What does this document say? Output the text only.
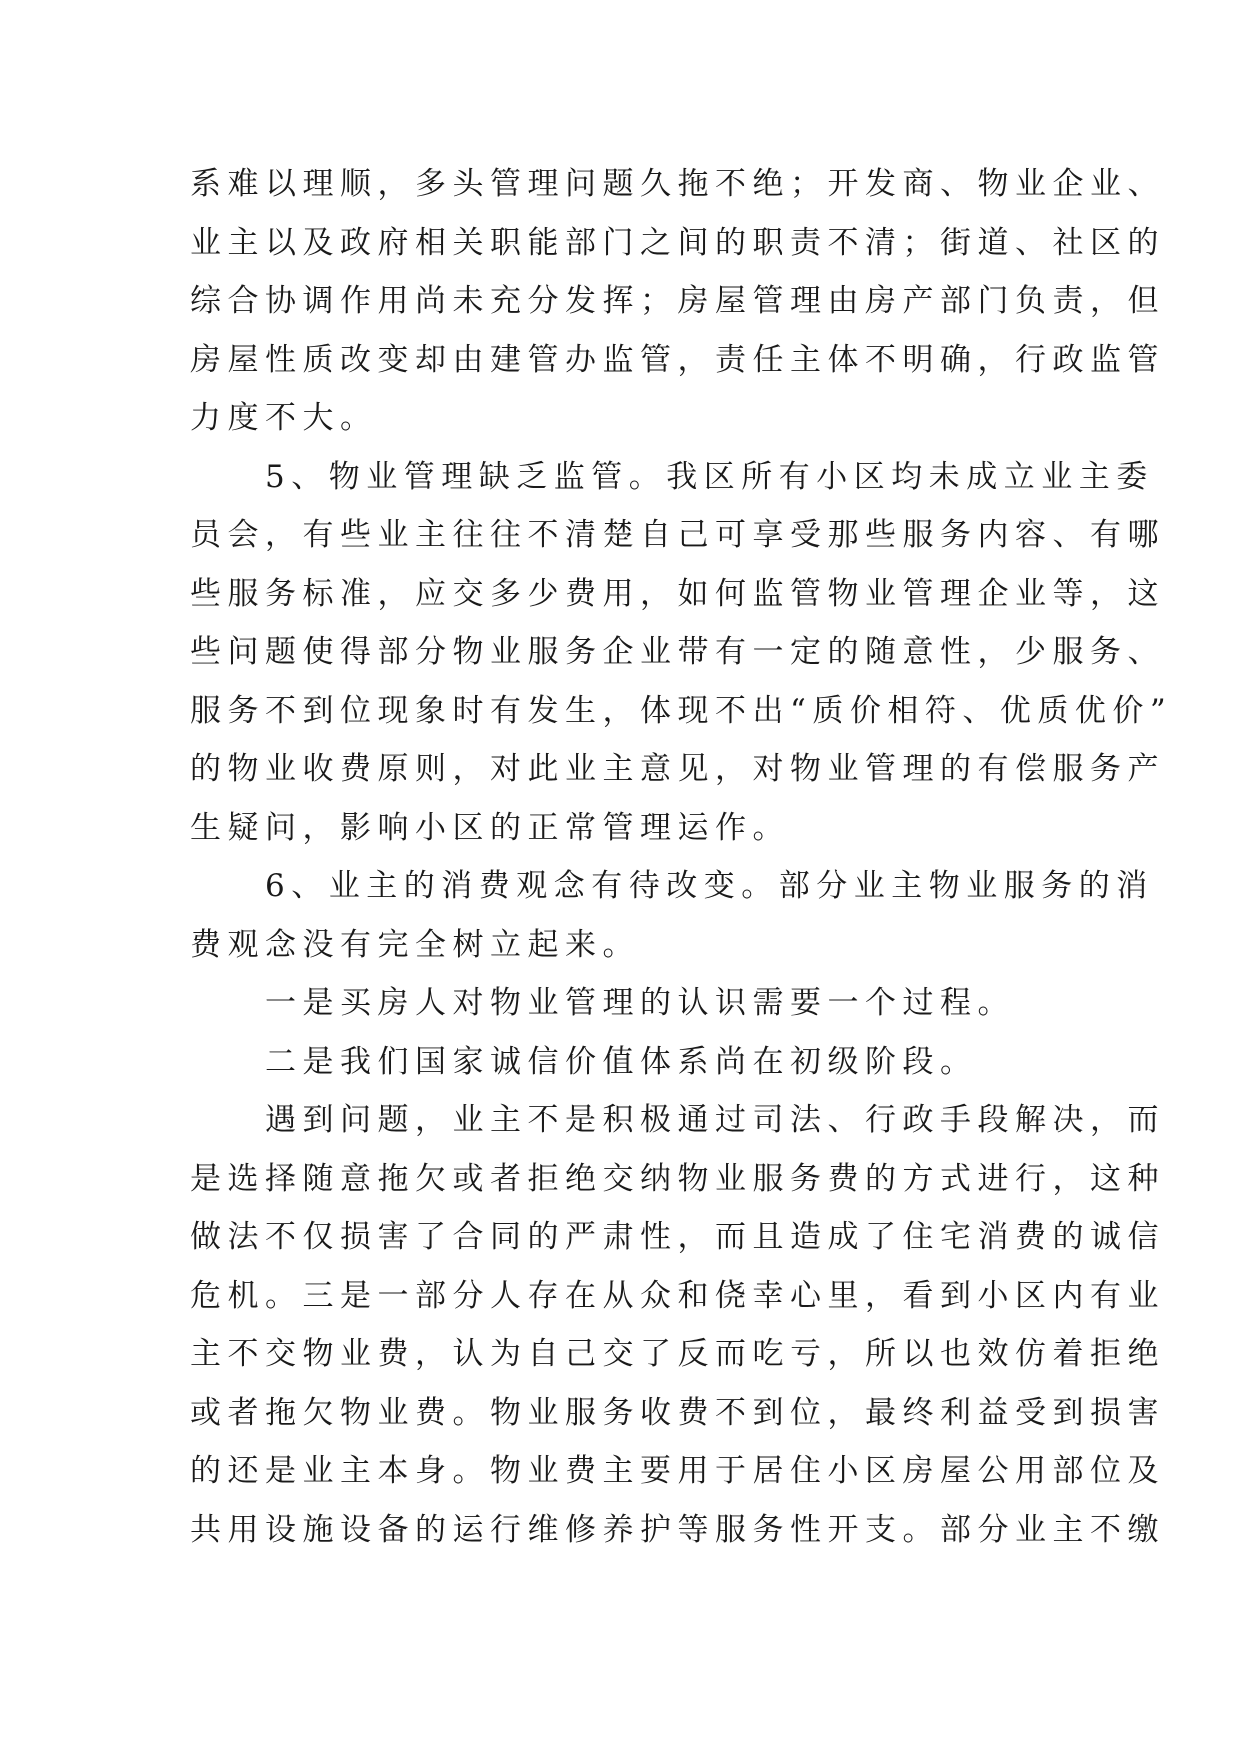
系难以理顺，多头管理问题久拖不绝；开发商、物业企业、
业主以及政府相关职能部门之间的职责不清；街道、社区的
综合协调作用尚未充分发挥；房屋管理由房产部门负责，但
房屋性质改变却由建管办监管，责任主体不明确，行政监管
力度不大。
5、物业管理缺乏监管。我区所有小区均未成立业主委
员会，有些业主往往不清楚自己可享受那些服务内容、有哪
些服务标准，应交多少费用，如何监管物业管理企业等，这
些问题使得部分物业服务企业带有一定的随意性，少服务、
服务不到位现象时有发生，体现不出“质价相符、优质优价”
的物业收费原则，对此业主意见，对物业管理的有偿服务产
生疑问，影响小区的正常管理运作。
6、业主的消费观念有待改变。部分业主物业服务的消
费观念没有完全树立起来。
一是买房人对物业管理的认识需要一个过程。
二是我们国家诚信价值体系尚在初级阶段。
遇到问题，业主不是积极通过司法、行政手段解决，而
是选择随意拖欠或者拒绝交纳物业服务费的方式进行，这种
做法不仅损害了合同的严肃性，而且造成了住宅消费的诚信
危机。三是一部分人存在从众和侥幸心里，看到小区内有业
主不交物业费，认为自己交了反而吃亏，所以也效仿着拒绝
或者拖欠物业费。物业服务收费不到位，最终利益受到损害
的还是业主本身。物业费主要用于居住小区房屋公用部位及
共用设施设备的运行维修养护等服务性开支。部分业主不缴
